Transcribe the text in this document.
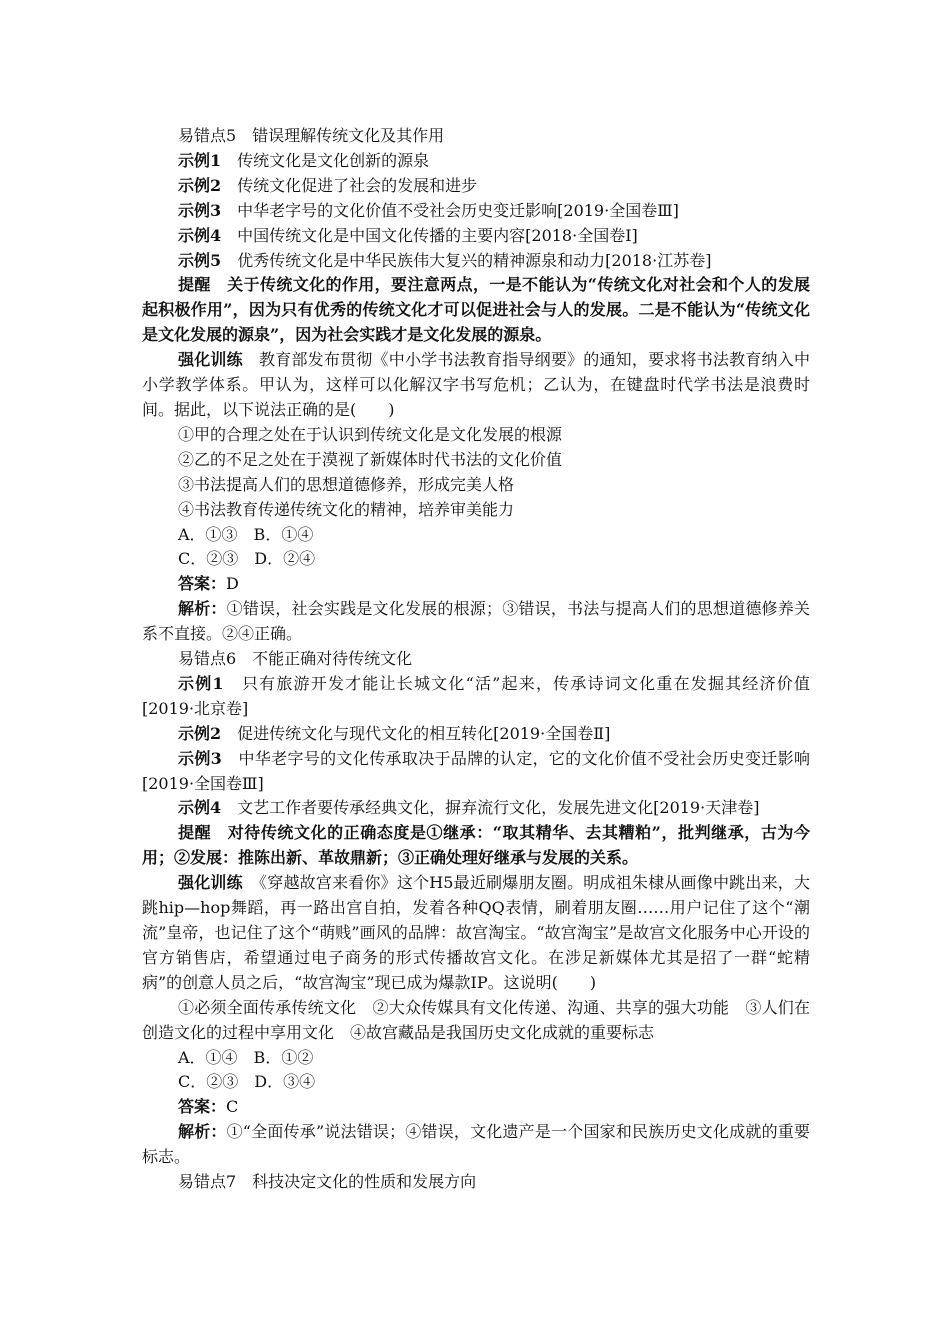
易错点5　错误理解传统文化及其作用

示例1　传统文化是文化创新的源泉

示例2　传统文化促进了社会的发展和进步

示例3　中华老字号的文化价值不受社会历史变迁影响[2019·全国卷Ⅲ]

示例4　中国传统文化是中国文化传播的主要内容[2018·全国卷Ⅰ]

示例5　优秀传统文化是中华民族伟大复兴的精神源泉和动力[2018·江苏卷]

提醒　关于传统文化的作用，要注意两点，一是不能认为“传统文化对社会和个人的发展起积极作用”，因为只有优秀的传统文化才可以促进社会与人的发展。二是不能认为“传统文化是文化发展的源泉”，因为社会实践才是文化发展的源泉。

强化训练　教育部发布贯彻《中小学书法教育指导纲要》的通知，要求将书法教育纳入中小学教学体系。甲认为，这样可以化解汉字书写危机；乙认为，在键盘时代学书法是浪费时间。据此，以下说法正确的是(　　)

①甲的合理之处在于认识到传统文化是文化发展的根源

②乙的不足之处在于漠视了新媒体时代书法的文化价值

③书法提高人们的思想道德修养，形成完美人格

④书法教育传递传统文化的精神，培养审美能力

A．①③　B．①④

C．②③　D．②④

答案：D

解析：①错误，社会实践是文化发展的根源；③错误，书法与提高人们的思想道德修养关系不直接。②④正确。

易错点6　不能正确对待传统文化

示例1　只有旅游开发才能让长城文化“活”起来，传承诗词文化重在发掘其经济价值[2019·北京卷]

示例2　促进传统文化与现代文化的相互转化[2019·全国卷Ⅱ]

示例3　中华老字号的文化传承取决于品牌的认定，它的文化价值不受社会历史变迁影响[2019·全国卷Ⅲ]

示例4　文艺工作者要传承经典文化，摒弃流行文化，发展先进文化[2019·天津卷]

提醒　对待传统文化的正确态度是①继承：“取其精华、去其糟粕”，批判继承，古为今用；②发展：推陈出新、革故鼎新；③正确处理好继承与发展的关系。

强化训练　《穿越故宫来看你》这个H5最近刷爆朋友圈。明成祖朱棣从画像中跳出来，大跳hip—hop舞蹈，再一路出宫自拍，发着各种QQ表情，刷着朋友圈……用户记住了这个“潮流”皇帝，也记住了这个“萌贱”画风的品牌：故宫淘宝。“故宫淘宝”是故宫文化服务中心开设的官方销售店，希望通过电子商务的形式传播故宫文化。在涉足新媒体尤其是招了一群“蛇精病”的创意人员之后，“故宫淘宝”现已成为爆款IP。这说明(　　)

①必须全面传承传统文化　②大众传媒具有文化传递、沟通、共享的强大功能　③人们在创造文化的过程中享用文化　④故宫藏品是我国历史文化成就的重要标志

A．①④　B．①②

C．②③　D．③④

答案：C

解析：①“全面传承”说法错误；④错误，文化遗产是一个国家和民族历史文化成就的重要标志。

易错点7　科技决定文化的性质和发展方向
